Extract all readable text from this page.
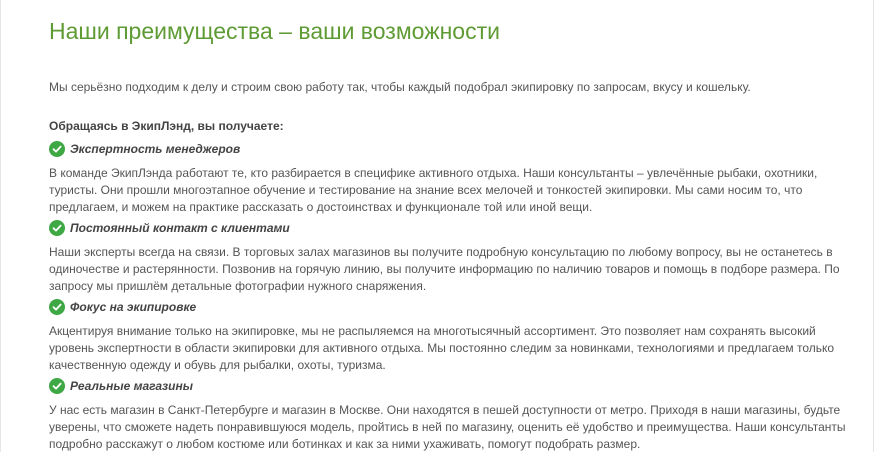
Наши преимущества – ваши возможности
Мы серьёзно подходим к делу и строим свою работу так, чтобы каждый подобрал экипировку по запросам, вкусу и кошельку.
Обращаясь в ЭкипЛэнд, вы получаете:
Экспертность менеджеров
В команде ЭкипЛэнда работают те, кто разбирается в специфике активного отдыха. Наши консультанты – увлечённые рыбаки, охотники, туристы. Они прошли многоэтапное обучение и тестирование на знание всех мелочей и тонкостей экипировки. Мы сами носим то, что предлагаем, и можем на практике рассказать о достоинствах и функционале той или иной вещи.
Постоянный контакт с клиентами
Наши эксперты всегда на связи. В торговых залах магазинов вы получите подробную консультацию по любому вопросу, вы не останетесь в одиночестве и растерянности. Позвонив на горячую линию, вы получите информацию по наличию товаров и помощь в подборе размера. По запросу мы пришлём детальные фотографии нужного снаряжения.
Фокус на экипировке
Акцентируя внимание только на экипировке, мы не распыляемся на многотысячный ассортимент. Это позволяет нам сохранять высокий уровень экспертности в области экипировки для активного отдыха. Мы постоянно следим за новинками, технологиями и предлагаем только качественную одежду и обувь для рыбалки, охоты, туризма.
Реальные магазины
У нас есть магазин в Санкт-Петербурге и магазин в Москве. Они находятся в пешей доступности от метро. Приходя в наши магазины, будьте уверены, что сможете надеть понравившуюся модель, пройтись в ней по магазину, оценить её удобство и преимущества. Наши консультанты подробно расскажут о любом костюме или ботинках и как за ними ухаживать, помогут подобрать размер.
